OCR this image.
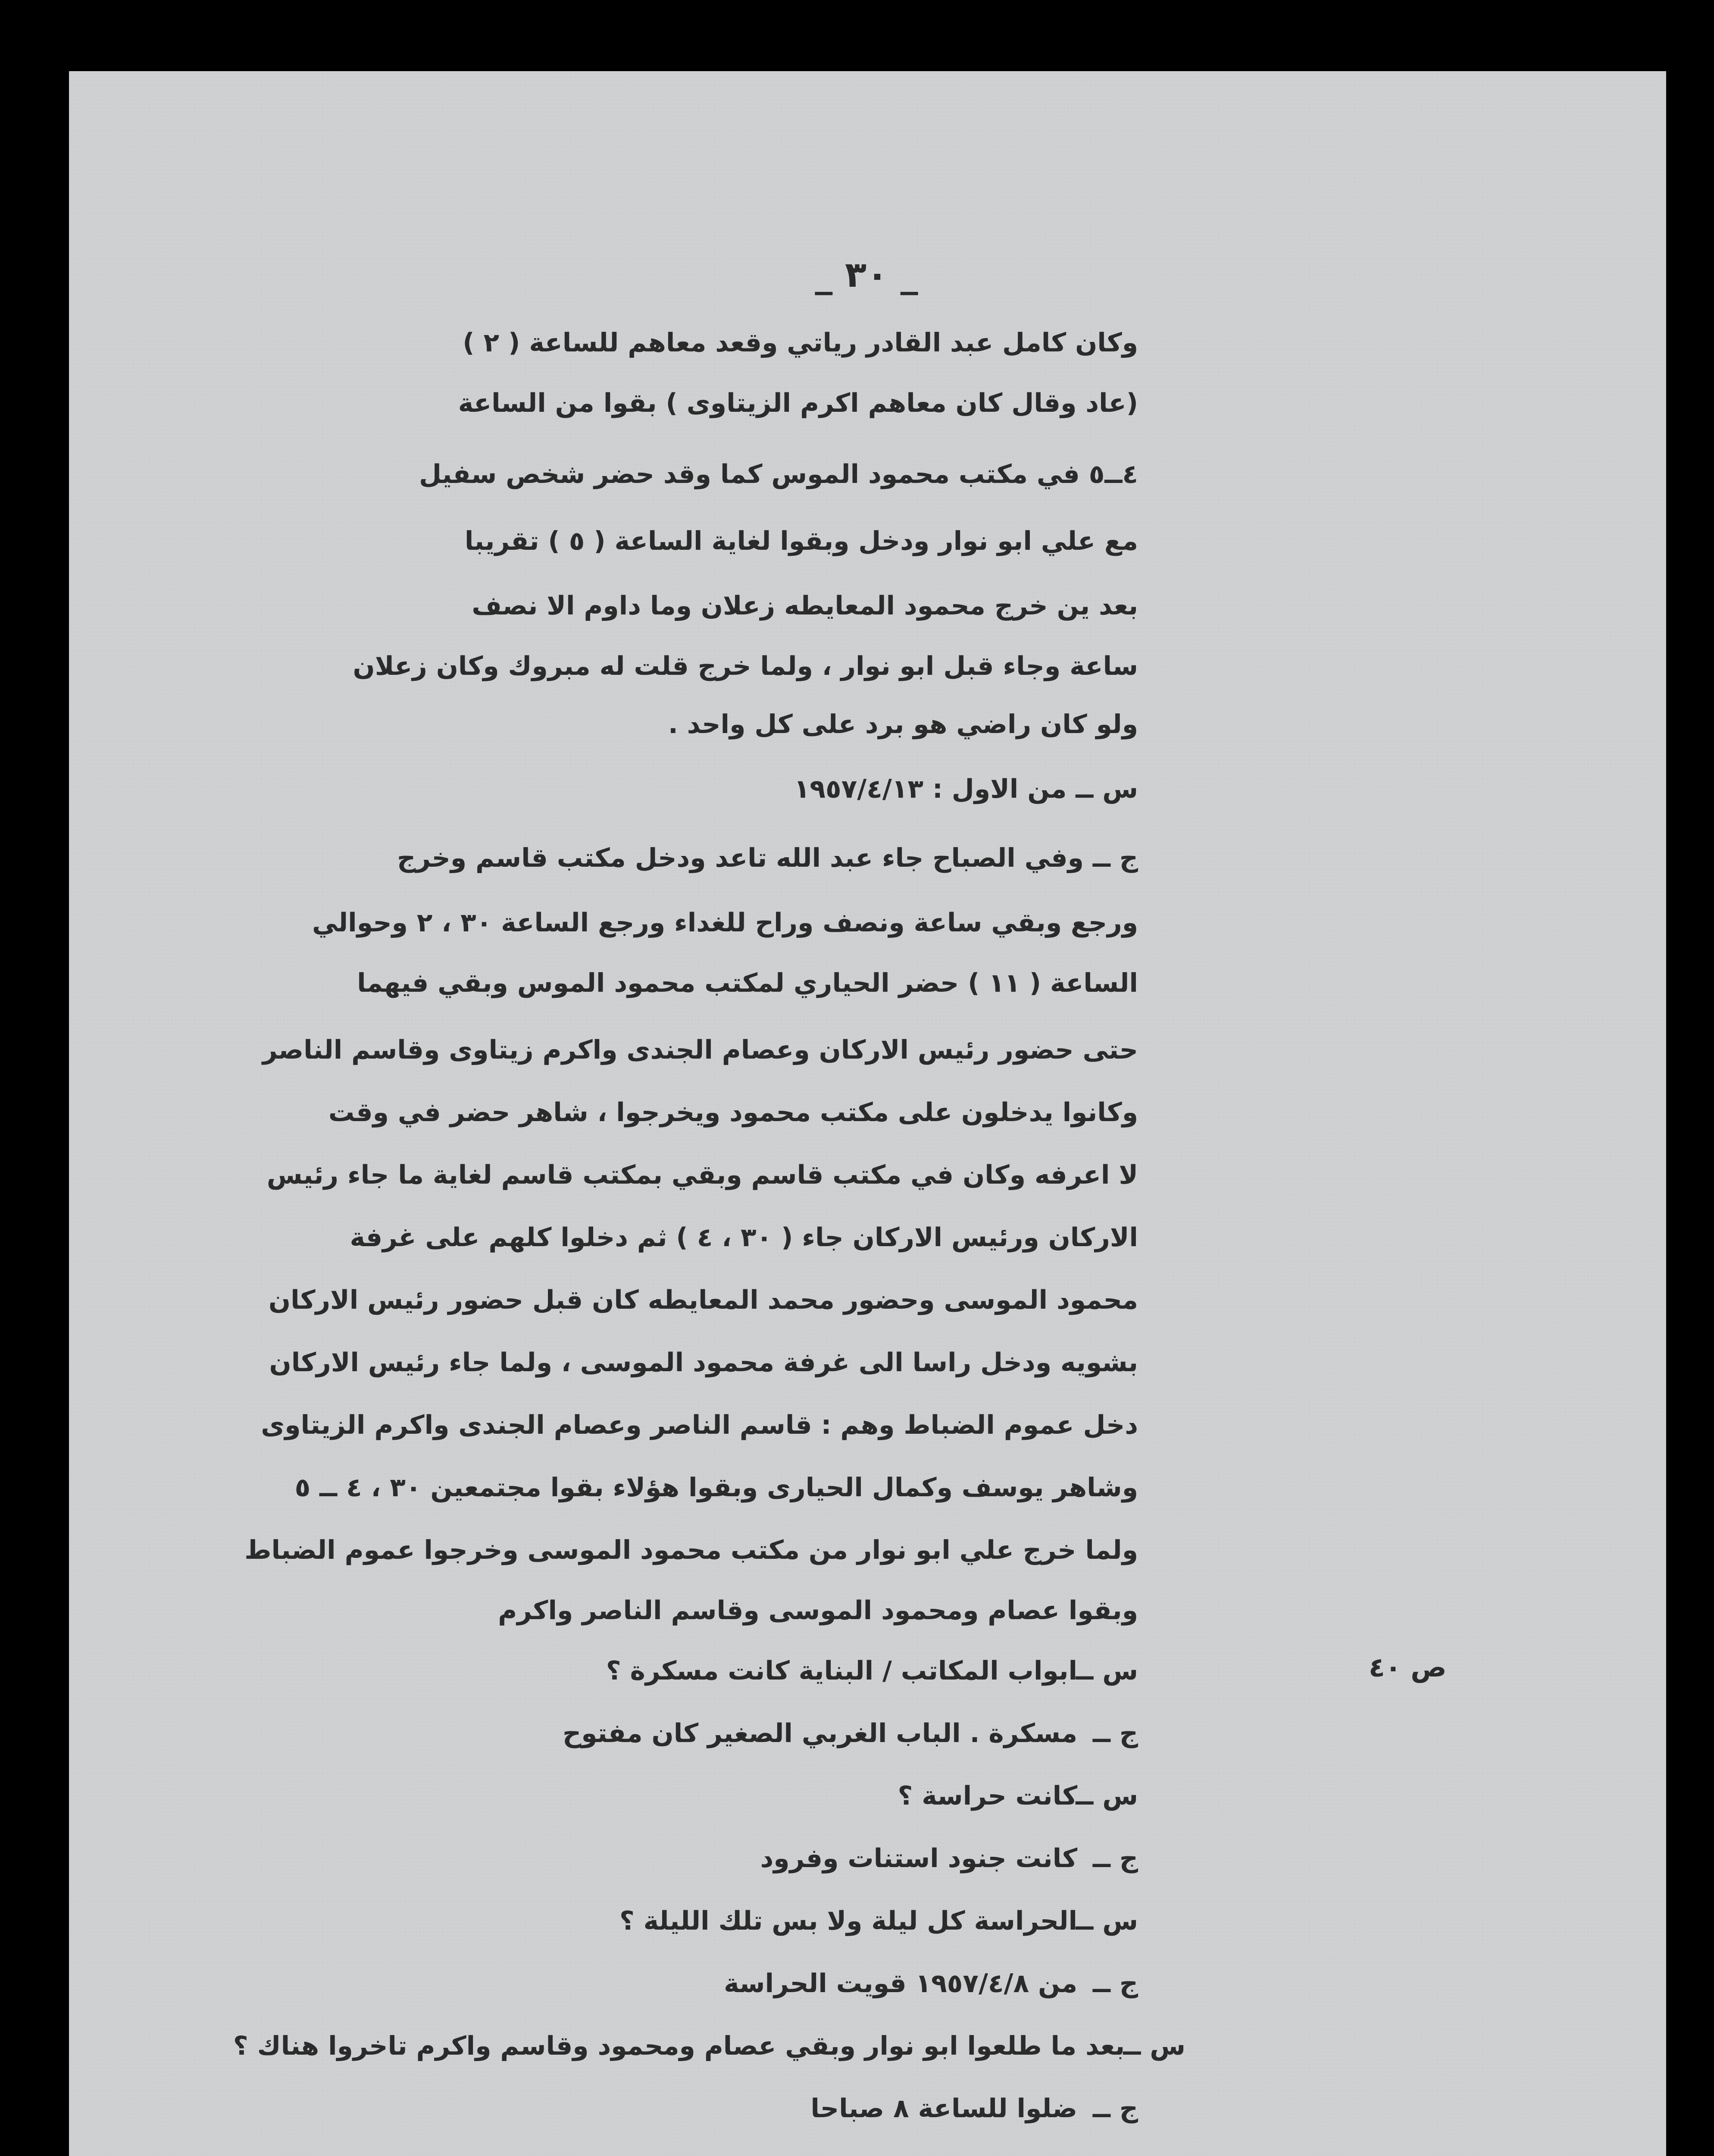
_ ٣٠ _
وكان كامل عبد القادر رياتي وقعد معاهم للساعة ( ٢ )
(عاد وقال كان معاهم اكرم الزيتاوى ) بقوا من الساعة
٤ــ٥ في مكتب محمود الموس كما وقد حضر شخص سفيل
مع علي ابو نوار ودخل وبقوا لغاية الساعة ( ٥ ) تقريبا
بعد ين خرج محمود المعايطه زعلان وما داوم الا نصف
ساعة وجاء قبل ابو نوار ، ولما خرج قلت له مبروك وكان زعلان
ولو كان راضي هو برد على كل واحد .
س ــ من الاول : ١٩٥٧/٤/١٣
ج ــ وفي الصباح جاء عبد الله تاعد ودخل مكتب قاسم وخرج
ورجع وبقي ساعة ونصف وراح للغداء ورجع الساعة ٣٠ ، ٢ وحوالي
الساعة ( ١١ ) حضر الحياري لمكتب محمود الموس وبقي فيهما
حتى حضور رئيس الاركان وعصام الجندى واكرم زيتاوى وقاسم الناصر
وكانوا يدخلون على مكتب محمود ويخرجوا ، شاهر حضر في وقت
لا اعرفه وكان في مكتب قاسم وبقي بمكتب قاسم لغاية ما جاء رئيس
الاركان ورئيس الاركان جاء ( ٣٠ ، ٤ ) ثم دخلوا كلهم على غرفة
محمود الموسى وحضور محمد المعايطه كان قبل حضور رئيس الاركان
بشويه ودخل راسا الى غرفة محمود الموسى ، ولما جاء رئيس الاركان
دخل عموم الضباط وهم : قاسم الناصر وعصام الجندى واكرم الزيتاوى
وشاهر يوسف وكمال الحيارى وبقوا هؤلاء بقوا مجتمعين ٣٠ ، ٤ ــ ٥
ولما خرج علي ابو نوار من مكتب محمود الموسى وخرجوا عموم الضباط
وبقوا عصام ومحمود الموسى وقاسم الناصر واكرم
س ــ ابواب المكاتب / البناية كانت مسكرة ؟
ج ــ مسكرة . الباب الغربي الصغير كان مفتوح
س ــ كانت حراسة ؟
ج ــ كانت جنود استنات وفرود
س ــ الحراسة كل ليلة ولا بس تلك الليلة ؟
ج ــ من ١٩٥٧/٤/٨ قويت الحراسة
س ــ بعد ما طلعوا ابو نوار وبقي عصام ومحمود وقاسم واكرم تاخروا هناك ؟
ج ــ ضلوا للساعة ٨ صباحا
ص ٤٠
